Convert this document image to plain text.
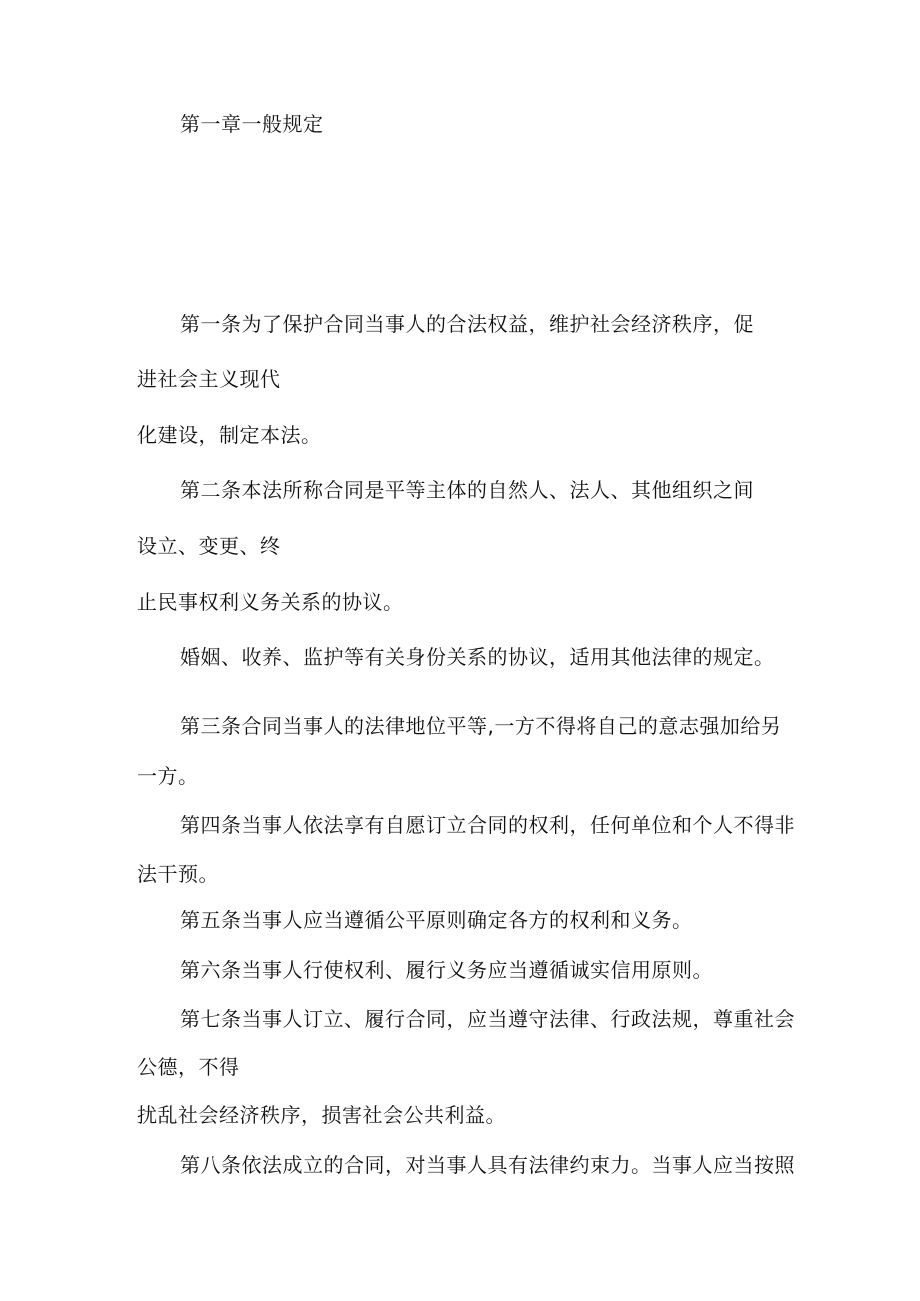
第一章一般规定
第一条为了保护合同当事人的合法权益，维护社会经济秩序，促
进社会主义现代
化建设，制定本法。
第二条本法所称合同是平等主体的自然人、法人、其他组织之间
设立、变更、终
止民事权利义务关系的协议。
婚姻、收养、监护等有关身份关系的协议，适用其他法律的规定。
第三条合同当事人的法律地位平等,一方不得将自己的意志强加给另
一方。
第四条当事人依法享有自愿订立合同的权利，任何单位和个人不得非
法干预。
第五条当事人应当遵循公平原则确定各方的权利和义务。
第六条当事人行使权利、履行义务应当遵循诚实信用原则。
第七条当事人订立、履行合同，应当遵守法律、行政法规，尊重社会
公德，不得
扰乱社会经济秩序，损害社会公共利益。
第八条依法成立的合同，对当事人具有法律约束力。当事人应当按照
